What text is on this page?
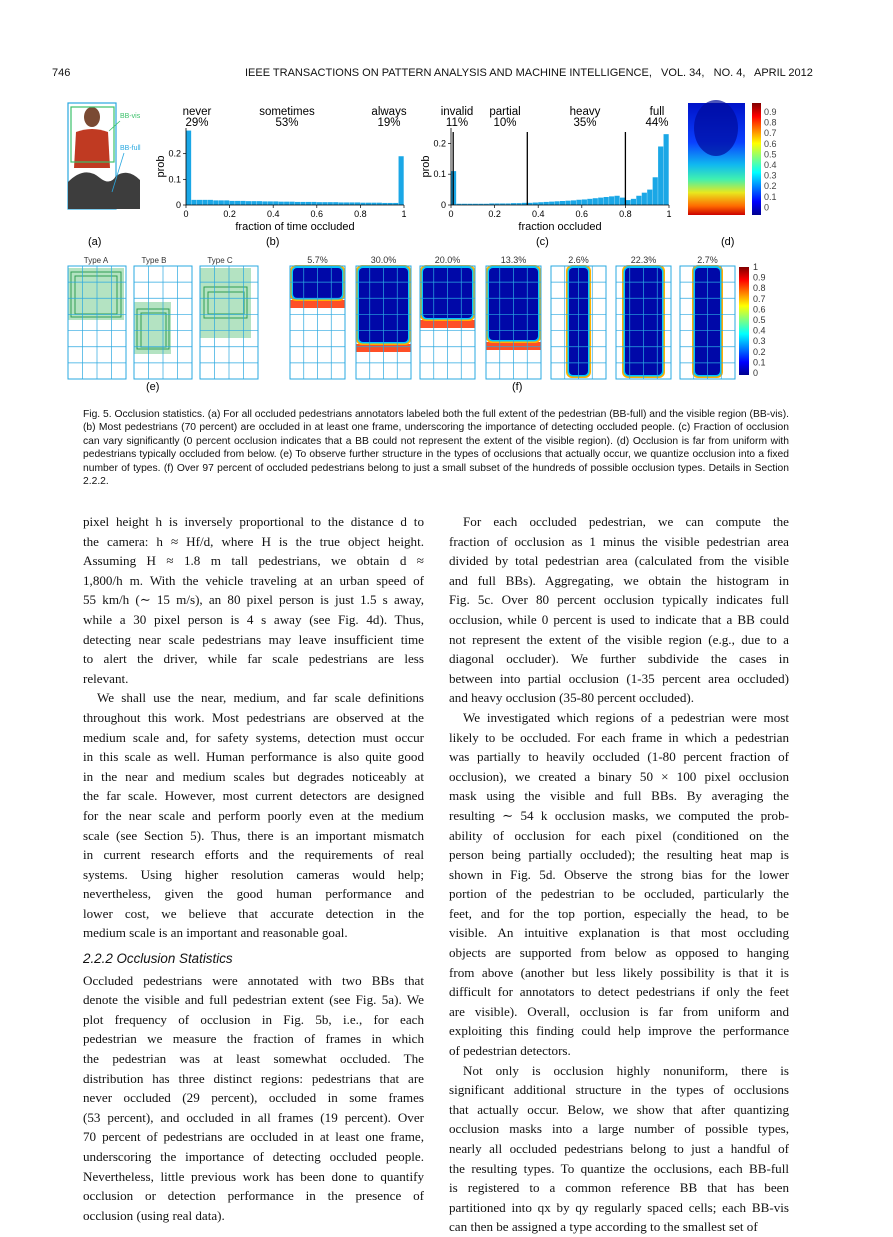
746	IEEE TRANSACTIONS ON PATTERN ANALYSIS AND MACHINE INTELLIGENCE,   VOL. 34,   NO. 4,   APRIL 2012
BB-vis
BB-full
(a)	(b)
0	0.2	0.4	0.6	0.8	1
0
0.1
0.2
fraction of time occluded
prob
never
29%
sometimes
53%
always
19%
(c)
0	0.2	0.4	0.6	0.8	1
0
0.1
0.2
fraction occluded
prob
invalid
11%
partial
10%
heavy
35%
full
44%
0.9
0.8
0.7
0.6
0.5
0.4
0.3
0.2
0.1
0
(d)
(e)
Type A	Type B	Type C
(f)
5.7%	30.0%	20.0%	13.3%	2.6%	22.3%	2.7%
1
0.9
0.8
0.7
0.6
0.5
0.4
0.3
0.2
0.1
0
Fig. 5. Occlusion statistics. (a) For all occluded pedestrians annotators labeled both the full extent of the pedestrian (BB-full) and the visible region (BB-vis). (b) Most pedestrians (70 percent) are occluded in at least one frame, underscoring the importance of detecting occluded people. (c) Fraction of occlusion can vary significantly (0 percent occlusion indicates that a BB could not represent the extent of the visible region). (d) Occlusion is far from uniform with pedestrians typically occluded from below. (e) To observe further structure in the types of occlusions that actually occur, we quantize occlusion into a fixed number of types. (f) Over 97 percent of occluded pedestrians belong to just a small subset of the hundreds of possible occlusion types. Details in Section 2.2.2.
pixel height h is inversely proportional to the distance d to
the camera: h ≈ Hf/d, where H is the true object height.
Assuming H ≈ 1.8 m tall pedestrians, we obtain d ≈
1,800/h m. With the vehicle traveling at an urban speed of
55 km/h (∼ 15 m/s), an 80 pixel person is just 1.5 s away,
while a 30 pixel person is 4 s away (see Fig. 4d). Thus,
detecting near scale pedestrians may leave insufficient time
to alert the driver, while far scale pedestrians are less
relevant.
We shall use the near, medium, and far scale definitions
throughout this work. Most pedestrians are observed at the
medium scale and, for safety systems, detection must occur
in this scale as well. Human performance is also quite good
in the near and medium scales but degrades noticeably at
the far scale. However, most current detectors are designed
for the near scale and perform poorly even at the medium
scale (see Section 5). Thus, there is an important mismatch
in current research efforts and the requirements of real
systems. Using higher resolution cameras would help;
nevertheless, given the good human performance and
lower cost, we believe that accurate detection in the
medium scale is an important and reasonable goal.
2.2.2 Occlusion Statistics
Occluded pedestrians were annotated with two BBs that
denote the visible and full pedestrian extent (see Fig. 5a). We
plot frequency of occlusion in Fig. 5b, i.e., for each
pedestrian we measure the fraction of frames in which
the pedestrian was at least somewhat occluded. The
distribution has three distinct regions: pedestrians that are
never occluded (29 percent), occluded in some frames
(53 percent), and occluded in all frames (19 percent). Over
70 percent of pedestrians are occluded in at least one frame,
underscoring the importance of detecting occluded people.
Nevertheless, little previous work has been done to quantify
occlusion or detection performance in the presence of
occlusion (using real data).
For each occluded pedestrian, we can compute the
fraction of occlusion as 1 minus the visible pedestrian area
divided by total pedestrian area (calculated from the visible
and full BBs). Aggregating, we obtain the histogram in
Fig. 5c. Over 80 percent occlusion typically indicates full
occlusion, while 0 percent is used to indicate that a BB could
not represent the extent of the visible region (e.g., due to a
diagonal occluder). We further subdivide the cases in
between into partial occlusion (1-35 percent area occluded)
and heavy occlusion (35-80 percent occluded).
We investigated which regions of a pedestrian were most
likely to be occluded. For each frame in which a pedestrian
was partially to heavily occluded (1-80 percent fraction of
occlusion), we created a binary 50 × 100 pixel occlusion
mask using the visible and full BBs. By averaging the
resulting ∼ 54 k occlusion masks, we computed the prob-
ability of occlusion for each pixel (conditioned on the
person being partially occluded); the resulting heat map is
shown in Fig. 5d. Observe the strong bias for the lower
portion of the pedestrian to be occluded, particularly the
feet, and for the top portion, especially the head, to be
visible. An intuitive explanation is that most occluding
objects are supported from below as opposed to hanging
from above (another but less likely possibility is that it is
difficult for annotators to detect pedestrians if only the feet
are visible). Overall, occlusion is far from uniform and
exploiting this finding could help improve the performance
of pedestrian detectors.
Not only is occlusion highly nonuniform, there is
significant additional structure in the types of occlusions
that actually occur. Below, we show that after quantizing
occlusion masks into a large number of possible types,
nearly all occluded pedestrians belong to just a handful of
the resulting types. To quantize the occlusions, each BB-full
is registered to a common reference BB that has been
partitioned into qx by qy regularly spaced cells; each BB-vis
can then be assigned a type according to the smallest set of
